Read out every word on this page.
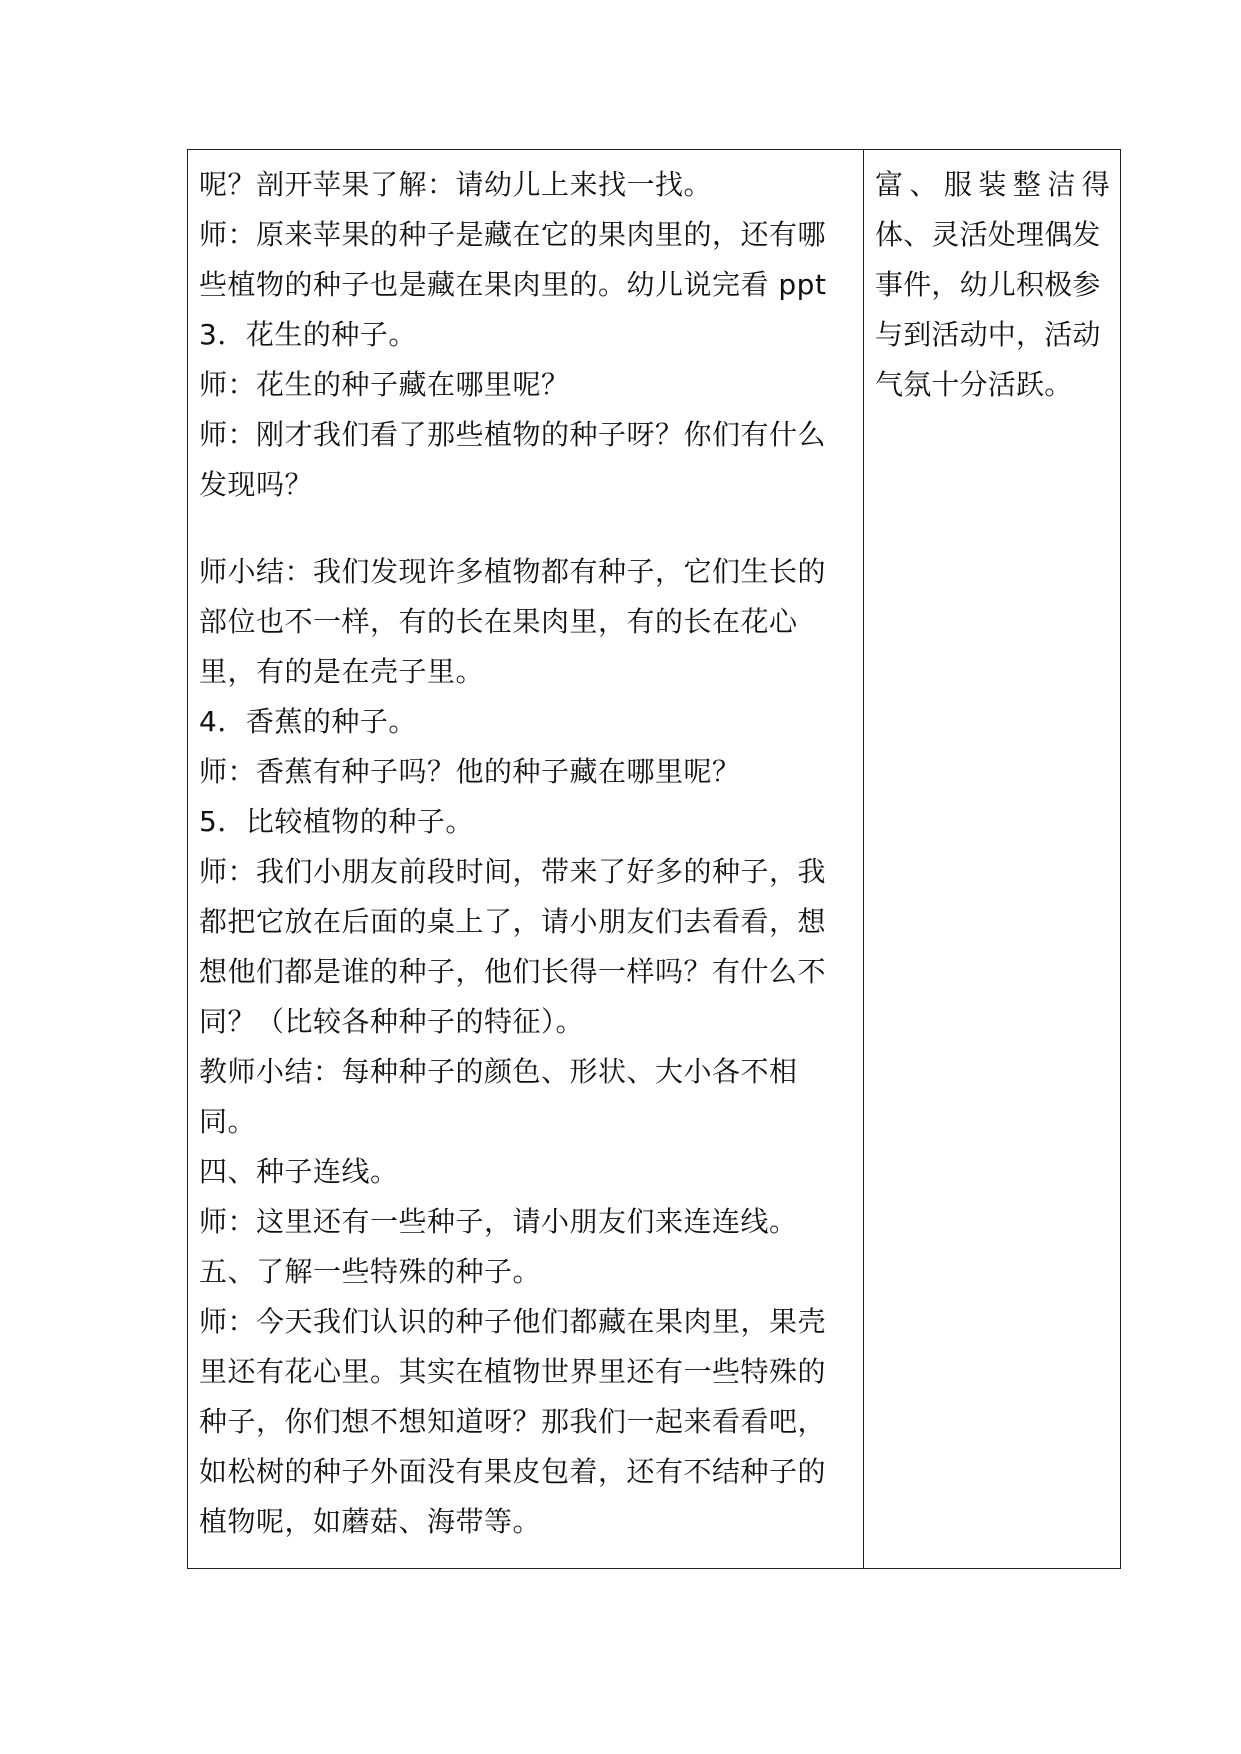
呢？剖开苹果了解：请幼儿上来找一找。
师：原来苹果的种子是藏在它的果肉里的，还有哪
些植物的种子也是藏在果肉里的。幼儿说完看 ppt
3．花生的种子。
师：花生的种子藏在哪里呢？
师：刚才我们看了那些植物的种子呀？你们有什么
发现吗？
师小结：我们发现许多植物都有种子，它们生长的
部位也不一样，有的长在果肉里，有的长在花心
里，有的是在壳子里。
4．香蕉的种子。
师：香蕉有种子吗？他的种子藏在哪里呢？
5．比较植物的种子。
师：我们小朋友前段时间，带来了好多的种子，我
都把它放在后面的桌上了，请小朋友们去看看，想
想他们都是谁的种子，他们长得一样吗？有什么不
同？（比较各种种子的特征）。
教师小结：每种种子的颜色、形状、大小各不相
同。
四、种子连线。
师：这里还有一些种子，请小朋友们来连连线。
五、了解一些特殊的种子。
师：今天我们认识的种子他们都藏在果肉里，果壳
里还有花心里。其实在植物世界里还有一些特殊的
种子，你们想不想知道呀？那我们一起来看看吧，
如松树的种子外面没有果皮包着，还有不结种子的
植物呢，如蘑菇、海带等。
富、服装整洁得
体、灵活处理偶发
事件，幼儿积极参
与到活动中，活动
气氛十分活跃。
